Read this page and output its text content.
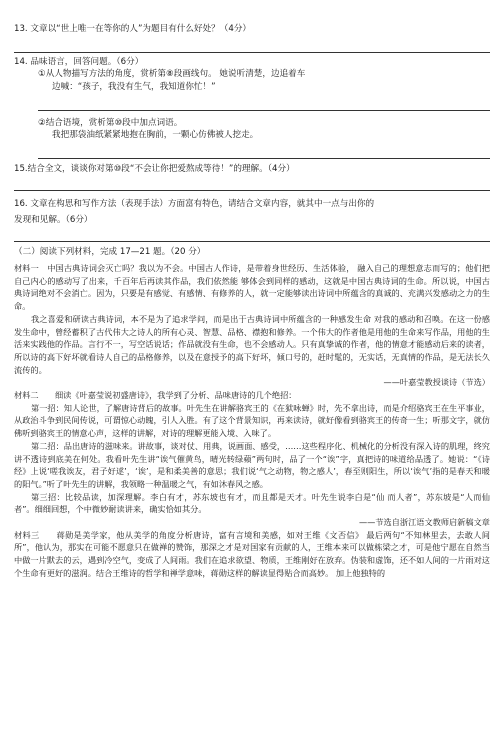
13. 文章以“世上唯一在等你的人”为题目有什么好处？（4分）
14. 品味语言，回答问题。（6分）
①从人物描写方法的角度，赏析第⑧段画线句。 她说听清楚，边追着车
边喊：“孩子，我没有生气，我知道你忙！”
②结合语境，赏析第⑩段中加点词语。
我把那袋油纸紧紧地抱在胸前，一颗心仿佛被人挖走。
15.结合全文，谈谈你对第⑩段“不会让你把爱熬成等待！”的理解。（4分）
16. 文章在构思和写作方法（表现手法）方面富有特色，请结合文章内容，就其中一点与出你的
发现和见解。（6分）
（二）阅读下列材料，完成 17—21 题。（20 分）

材料一　中国古典诗词会灭亡吗？我以为不会。中国古人作诗，是带着身世经历、生活体验， 融入自己的理想意志而写的；他们把自己内心的感动写了出来，千百年后再读其作品，我们依然能 够体会到同样的感动，这就是中国古典诗词的生命。所以说，中国古典诗词绝对不会消亡。因为，只要是有感觉、有感情、有修养的人，就一定能够读出诗词中所蕴含的真诚的、充满兴发感动之力的生命。

我之喜爱和研读古典诗词，本不是为了追求学问，而是出于古典诗词中所蕴含的一种感发生命 对我的感动和召唤。在这一份感发生命中，曾经蓄积了古代伟大之诗人的所有心灵、智慧、品格、襟抱和修养。一个伟大的作者他是用他的生命来写作品，用他的生活来实践他的作品。言行不一，写空话说话；作品就没有生命，也不会感动人。只有真挚诚的作者，他的情意才能感动后来的读者，所以诗的高下好坏就看诗人自己的品格修养，以及在意授予的高下好坏，倾口号的，赶时髦的，无实话，无真情的作品，是无法长久流传的。

——叶嘉莹教授谈诗（节选）

材料二　　细读《叶嘉莹说初盛唐诗》，我学到了分析、品味唐诗的几个绝招：

第一招：知人论世，了解唐诗背后的故事。叶先生在讲解骆宾王的《在狱咏蝉》时，先不拿出诗，而是介绍骆宾王在生平事业，从政治斗争到民间传说，可谓惊心动魄，引人入胜。有了这个背景知识，再来读诗，就好像看到骆宾王的传奇一生；听那文字，就仿佛听到骆宾王的情意心声，这样的讲解，对诗的理解更能入境、入味了。

第二招：品出唐诗的滋味来。讲故事，谈对仗、用典，说画面、感受，……这些程序化、机械化的分析没有深入诗的肌理，终究讲不透诗到底美在何处。我看叶先生讲“诶气催黄鸟，晴光转绿蘋”两句时，品了一个“诶”字，真把诗的味道给品透了。她说：“《诗经》上说‘嗟我诶友，君子好逑’，‘诶’，是和柔美善的意思；我们说‘气之动物，物之感人’，春至则阳生，所以‘诶气’指的是春天和暖的阳气。”听了叶先生的讲解，我领略一种温暖之气，有如沐春风之感。

第三招：比较品读，加深理解。李白有才，苏东坡也有才，而且都是天才。叶先生说李白是“仙 而人者”，苏东坡是“人而仙者”。细细回想，个中微妙耐读讲来，确实恰如其分。

——节选自浙江语文教师启新稿文章

材料三　　蒋勋是美学家，他从美学的角度分析唐诗，富有言境和美感，如对王维《文否信》 最后两句“不知林里去，去敢人间所”，他认为，那实在可能不愿意只在做禅的赞饰，那深之才是对国家有贡献的人，王维本来可以做栋梁之才，可是他宁愿在自然当中做一片默去的云，遇到冷空气，变成了人间雨。我们在追求欲望、物质，王维刚好在放弃。伪装和虚饰，还不如人间的一片雨对这个生命有更好的滋润。结合王维诗的哲学和禅学意味，蒋勋这样的解读显得贴合而高妙。 加上他独特的
